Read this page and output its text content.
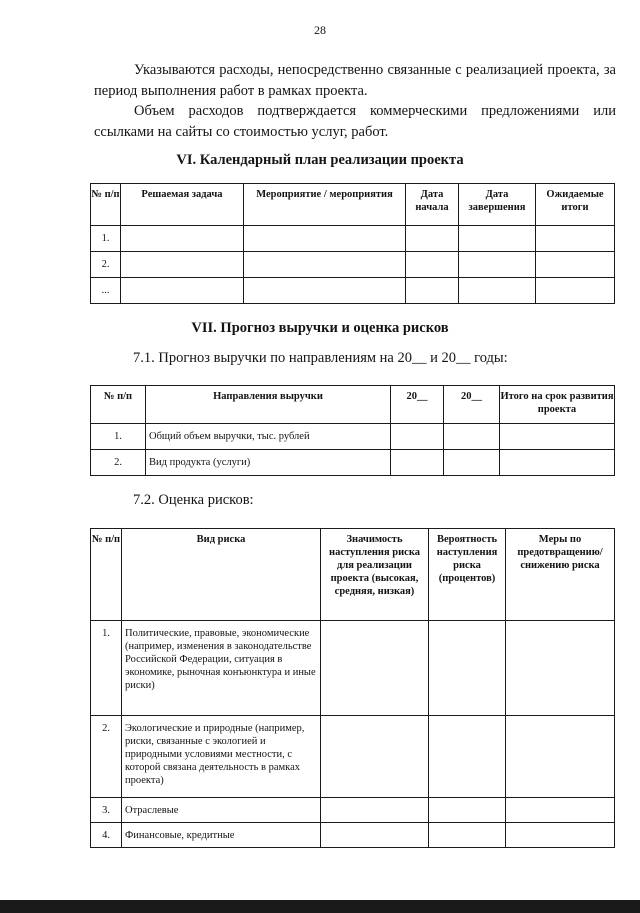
28

Указываются расходы, непосредственно связанные с реализацией проекта, за период выполнения работ в рамках проекта.

Объем расходов подтверждается коммерческими предложениями или ссылками на сайты со стоимостью услуг, работ.

VI. Календарный план реализации проекта
№ п/п	Решаемая задача	Мероприятие / мероприятия	Дата начала	Дата завершения	Ожидаемые итоги
1.					
2.					
...					
VII. Прогноз выручки и оценка рисков

7.1. Прогноз выручки по направлениям на 20__ и 20__ годы:

№ п/п	Направления выручки	20__	20__	Итого на срок развития проекта
1.	Общий объем выручки, тыс. рублей			
2.	Вид продукта (услуги)			

7.2. Оценка рисков:

№ п/п	Вид риска	Значимость наступления риска для реализации проекта (высокая, средняя, низкая)	Вероятность наступления риска (процентов)	Меры по предотвращению/ снижению риска
1.	Политические, правовые, экономические (например, изменения в законодательстве Российской Федерации, ситуация в экономике, рыночная конъюнктура и иные риски)			
2.	Экологические и природные (например, риски, связанные с экологией и природными условиями местности, с которой связана деятельность в рамках проекта)			
3.	Отраслевые			
4.	Финансовые, кредитные			
